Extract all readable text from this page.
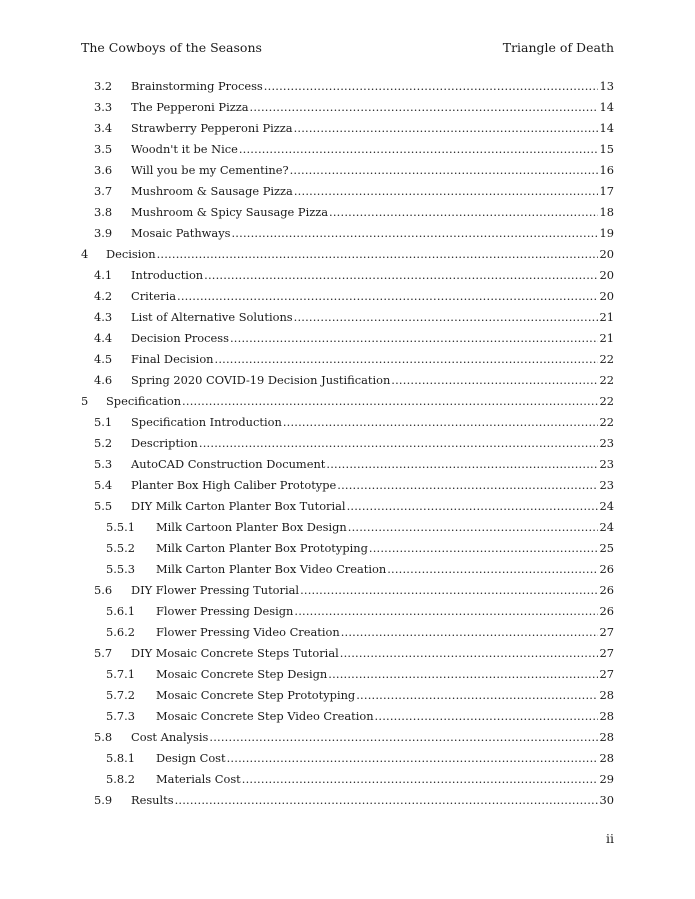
The Cowboys of the Seasons	Triangle of Death
3.2	Brainstorming Process .....	13
3.3	The Pepperoni Pizza .....	14
3.4	Strawberry Pepperoni Pizza .....	14
3.5	Woodn't it be Nice .....	15
3.6	Will you be my Cementine? .....	16
3.7	Mushroom & Sausage Pizza .....	17
3.8	Mushroom & Spicy Sausage Pizza .....	18
3.9	Mosaic Pathways .....	19
4	Decision .....	20
4.1	Introduction .....	20
4.2	Criteria .....	20
4.3	List of Alternative Solutions .....	21
4.4	Decision Process .....	21
4.5	Final Decision .....	22
4.6	Spring 2020 COVID-19 Decision Justification .....	22
5	Specification .....	22
5.1	Specification Introduction .....	22
5.2	Description .....	23
5.3	AutoCAD Construction Document .....	23
5.4	Planter Box High Caliber Prototype .....	23
5.5	DIY Milk Carton Planter Box Tutorial .....	24
5.5.1	Milk Cartoon Planter Box Design .....	24
5.5.2	Milk Carton Planter Box Prototyping .....	25
5.5.3	Milk Carton Planter Box Video Creation .....	26
5.6	DIY Flower Pressing Tutorial .....	26
5.6.1	Flower Pressing Design .....	26
5.6.2	Flower Pressing Video Creation .....	27
5.7	DIY Mosaic Concrete Steps Tutorial .....	27
5.7.1	Mosaic Concrete Step Design .....	27
5.7.2	Mosaic Concrete Step Prototyping .....	28
5.7.3	Mosaic Concrete Step Video Creation .....	28
5.8	Cost Analysis .....	28
5.8.1	Design Cost .....	28
5.8.2	Materials Cost .....	29
5.9	Results .....	30
ii
